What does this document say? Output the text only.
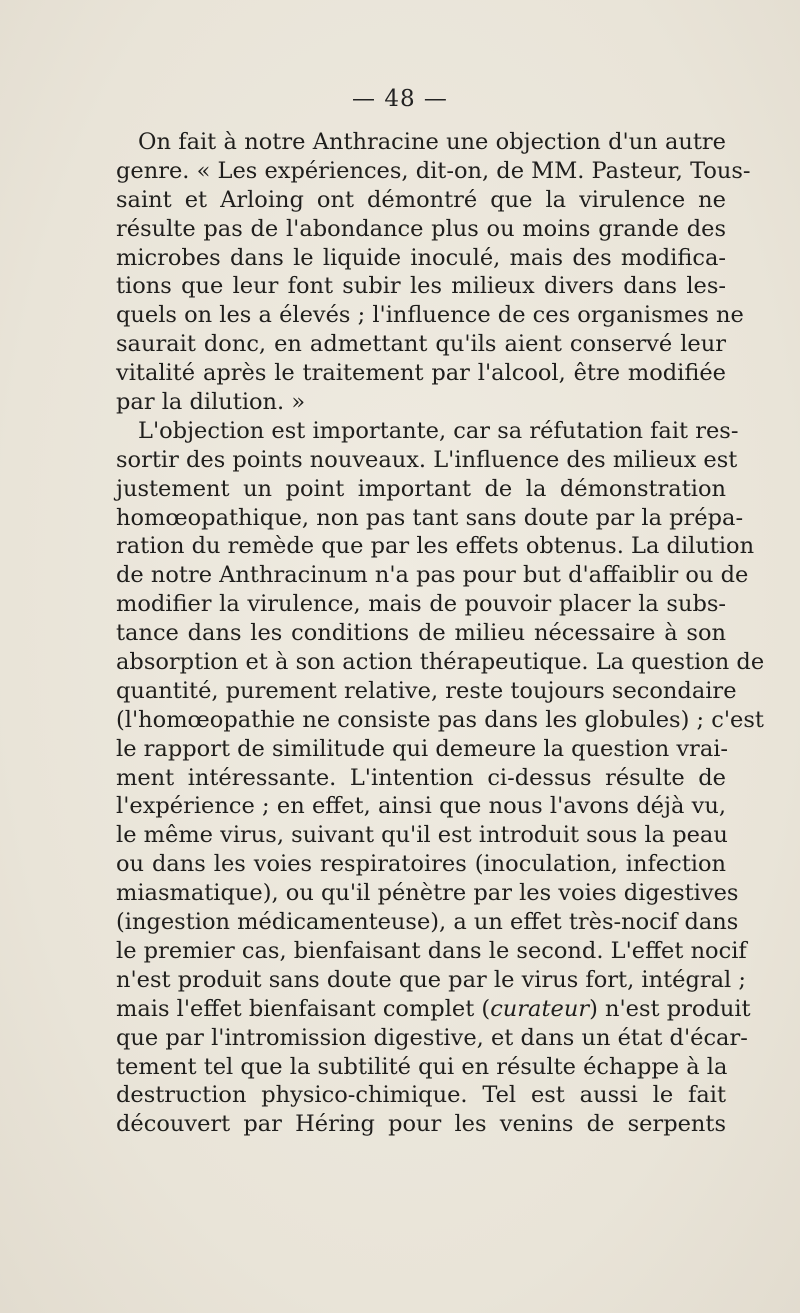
— 48 —
On fait à notre Anthracine une objection d'un autre
genre. « Les expériences, dit-on, de MM. Pasteur, Tous-
saint et Arloing ont démontré que la virulence ne
résulte pas de l'abondance plus ou moins grande des
microbes dans le liquide inoculé, mais des modifica-
tions que leur font subir les milieux divers dans les-
quels on les a élevés ; l'influence de ces organismes ne
saurait donc, en admettant qu'ils aient conservé leur
vitalité après le traitement par l'alcool, être modifiée
par la dilution. »
L'objection est importante, car sa réfutation fait res-
sortir des points nouveaux. L'influence des milieux est
justement un point important de la démonstration
homœopathique, non pas tant sans doute par la prépa-
ration du remède que par les effets obtenus. La dilution
de notre Anthracinum n'a pas pour but d'affaiblir ou de
modifier la virulence, mais de pouvoir placer la subs-
tance dans les conditions de milieu nécessaire à son
absorption et à son action thérapeutique. La question de
quantité, purement relative, reste toujours secondaire
(l'homœopathie ne consiste pas dans les globules) ; c'est
le rapport de similitude qui demeure la question vrai-
ment intéressante. L'intention ci-dessus résulte de
l'expérience ; en effet, ainsi que nous l'avons déjà vu,
le même virus, suivant qu'il est introduit sous la peau
ou dans les voies respiratoires (inoculation, infection
miasmatique), ou qu'il pénètre par les voies digestives
(ingestion médicamenteuse), a un effet très-nocif dans
le premier cas, bienfaisant dans le second. L'effet nocif
n'est produit sans doute que par le virus fort, intégral ;
mais l'effet bienfaisant complet (curateur) n'est produit
que par l'intromission digestive, et dans un état d'écar-
tement tel que la subtilité qui en résulte échappe à la
destruction physico-chimique. Tel est aussi le fait
découvert par Héring pour les venins de serpents
